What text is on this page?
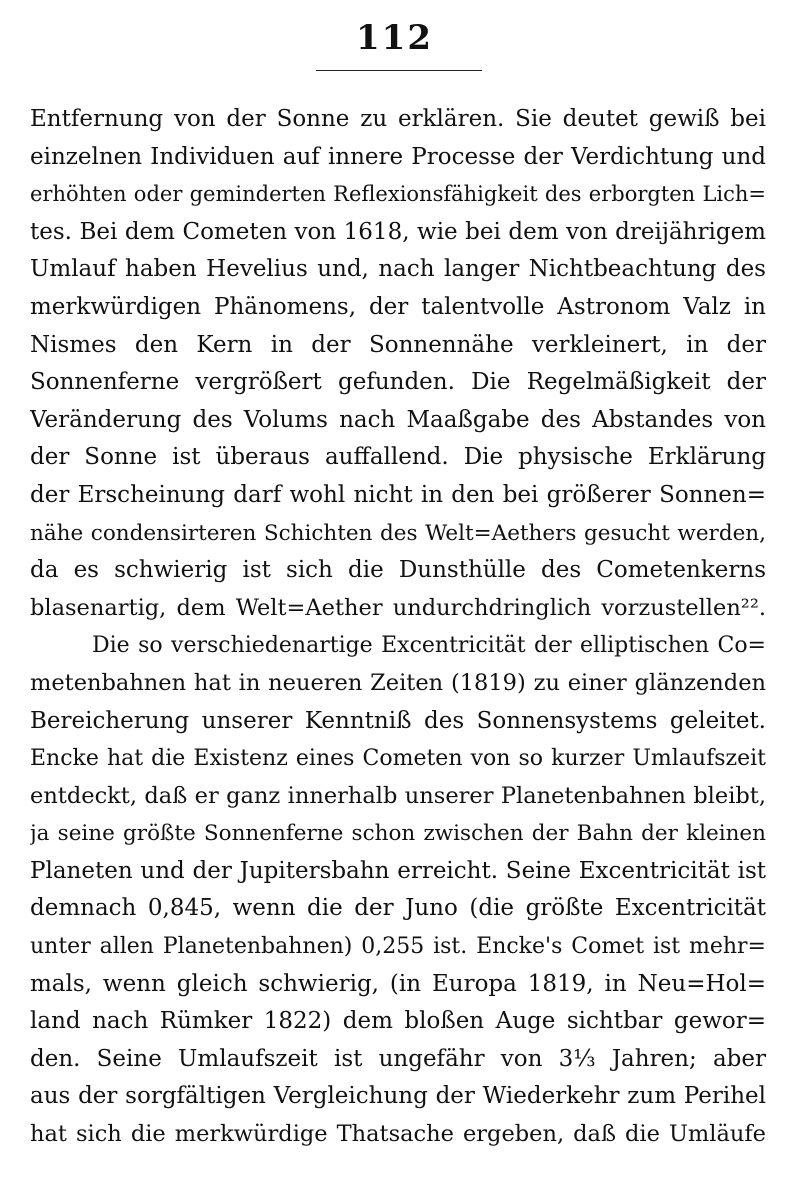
112
Entfernung von der Sonne zu erklären. Sie deutet gewiß bei
einzelnen Individuen auf innere Processe der Verdichtung und
erhöhten oder geminderten Reflexionsfähigkeit des erborgten Lich=
tes. Bei dem Cometen von 1618, wie bei dem von dreijährigem
Umlauf haben Hevelius und, nach langer Nichtbeachtung des
merkwürdigen Phänomens, der talentvolle Astronom Valz in
Nismes den Kern in der Sonnennähe verkleinert, in der
Sonnenferne vergrößert gefunden. Die Regelmäßigkeit der
Veränderung des Volums nach Maaßgabe des Abstandes von
der Sonne ist überaus auffallend. Die physische Erklärung
der Erscheinung darf wohl nicht in den bei größerer Sonnen=
nähe condensirteren Schichten des Welt=Aethers gesucht werden,
da es schwierig ist sich die Dunsthülle des Cometenkerns
blasenartig, dem Welt=Aether undurchdringlich vorzustellen²².
Die so verschiedenartige Excentricität der elliptischen Co=
metenbahnen hat in neueren Zeiten (1819) zu einer glänzenden
Bereicherung unserer Kenntniß des Sonnensystems geleitet.
Encke hat die Existenz eines Cometen von so kurzer Umlaufszeit
entdeckt, daß er ganz innerhalb unserer Planetenbahnen bleibt,
ja seine größte Sonnenferne schon zwischen der Bahn der kleinen
Planeten und der Jupitersbahn erreicht. Seine Excentricität ist
demnach 0,845, wenn die der Juno (die größte Excentricität
unter allen Planetenbahnen) 0,255 ist. Encke's Comet ist mehr=
mals, wenn gleich schwierig, (in Europa 1819, in Neu=Hol=
land nach Rümker 1822) dem bloßen Auge sichtbar gewor=
den. Seine Umlaufszeit ist ungefähr von 3⅓ Jahren; aber
aus der sorgfältigen Vergleichung der Wiederkehr zum Perihel
hat sich die merkwürdige Thatsache ergeben, daß die Umläufe
